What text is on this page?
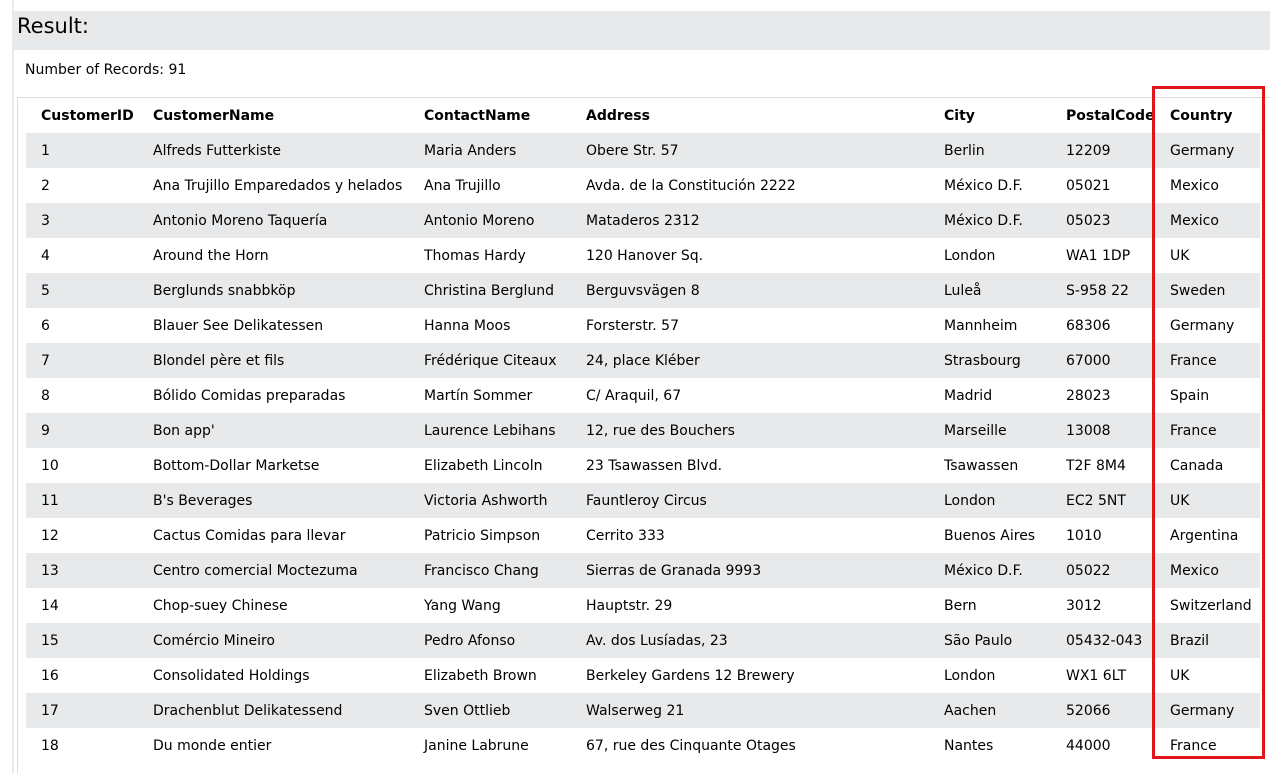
Result:
Number of Records: 91
CustomerID	CustomerName	ContactName	Address	City	PostalCode	Country
1	Alfreds Futterkiste	Maria Anders	Obere Str. 57	Berlin	12209	Germany
2	Ana Trujillo Emparedados y helados	Ana Trujillo	Avda. de la Constitución 2222	México D.F.	05021	Mexico
3	Antonio Moreno Taquería	Antonio Moreno	Mataderos 2312	México D.F.	05023	Mexico
4	Around the Horn	Thomas Hardy	120 Hanover Sq.	London	WA1 1DP	UK
5	Berglunds snabbköp	Christina Berglund	Berguvsvägen 8	Luleå	S-958 22	Sweden
6	Blauer See Delikatessen	Hanna Moos	Forsterstr. 57	Mannheim	68306	Germany
7	Blondel père et fils	Frédérique Citeaux	24, place Kléber	Strasbourg	67000	France
8	Bólido Comidas preparadas	Martín Sommer	C/ Araquil, 67	Madrid	28023	Spain
9	Bon app'	Laurence Lebihans	12, rue des Bouchers	Marseille	13008	France
10	Bottom-Dollar Marketse	Elizabeth Lincoln	23 Tsawassen Blvd.	Tsawassen	T2F 8M4	Canada
11	B's Beverages	Victoria Ashworth	Fauntleroy Circus	London	EC2 5NT	UK
12	Cactus Comidas para llevar	Patricio Simpson	Cerrito 333	Buenos Aires	1010	Argentina
13	Centro comercial Moctezuma	Francisco Chang	Sierras de Granada 9993	México D.F.	05022	Mexico
14	Chop-suey Chinese	Yang Wang	Hauptstr. 29	Bern	3012	Switzerland
15	Comércio Mineiro	Pedro Afonso	Av. dos Lusíadas, 23	São Paulo	05432-043	Brazil
16	Consolidated Holdings	Elizabeth Brown	Berkeley Gardens 12 Brewery	London	WX1 6LT	UK
17	Drachenblut Delikatessend	Sven Ottlieb	Walserweg 21	Aachen	52066	Germany
18	Du monde entier	Janine Labrune	67, rue des Cinquante Otages	Nantes	44000	France
